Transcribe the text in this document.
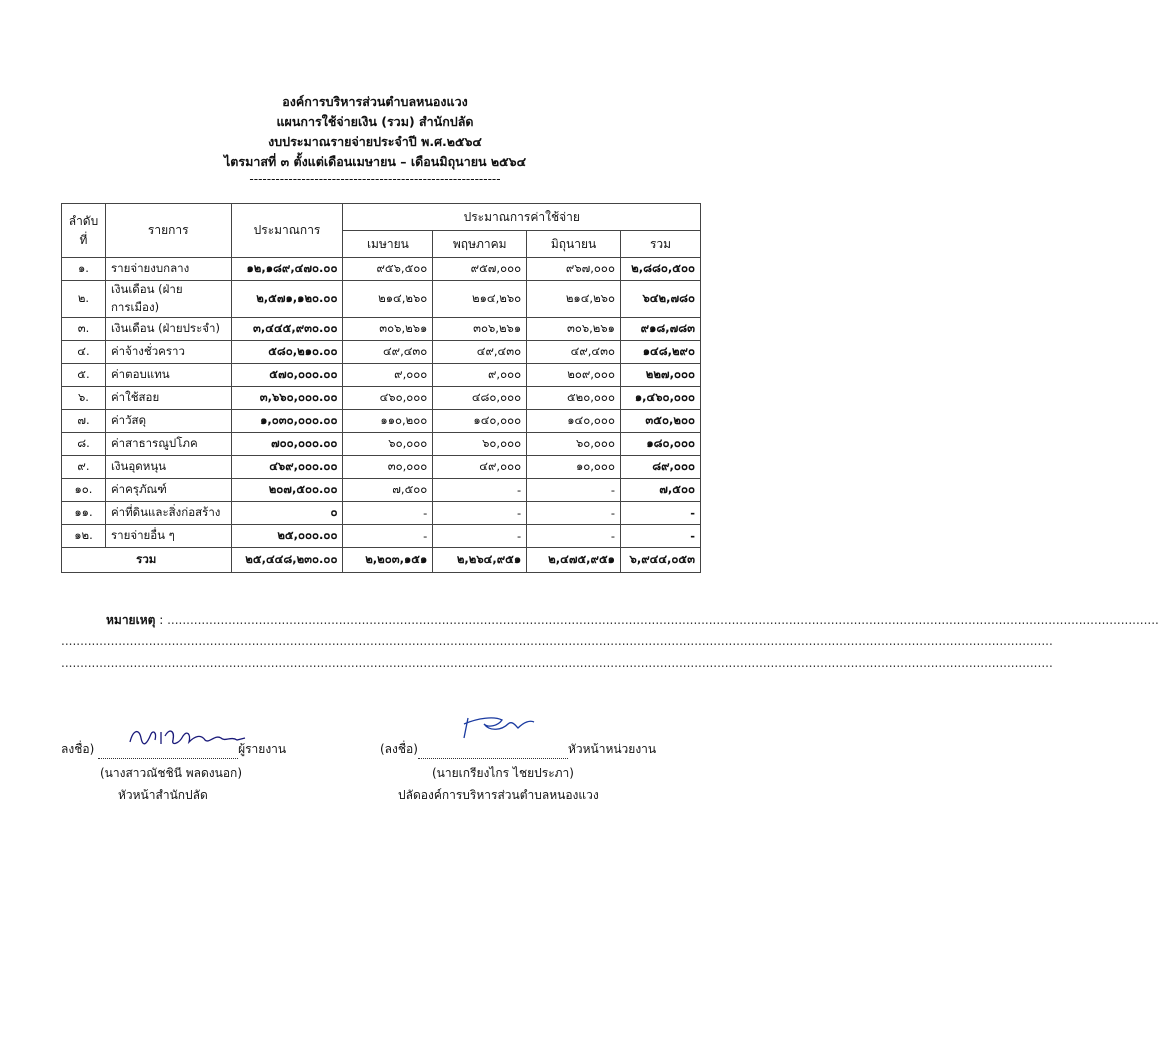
องค์การบริหารส่วนตำบลหนองแวง
แผนการใช้จ่ายเงิน (รวม) สำนักปลัด
งบประมาณรายจ่ายประจำปี พ.ศ.๒๕๖๔
ไตรมาสที่ ๓ ตั้งแต่เดือนเมษายน – เดือนมิถุนายน ๒๕๖๔
----------------------------------------------------------
ลำดับที่	รายการ	ประมาณการ	ประมาณการค่าใช้จ่าย			
			เมษายน	พฤษภาคม	มิถุนายน	รวม
๑.	รายจ่ายงบกลาง	๑๒,๑๘๙,๔๗๐.๐๐	๙๕๖,๕๐๐	๙๕๗,๐๐๐	๙๖๗,๐๐๐	๒,๘๘๐,๕๐๐
๒.	เงินเดือน (ฝ่ายการเมือง)	๒,๕๗๑,๑๒๐.๐๐	๒๑๔,๒๖๐	๒๑๔,๒๖๐	๒๑๔,๒๖๐	๖๔๒,๗๘๐
๓.	เงินเดือน (ฝ่ายประจำ)	๓,๔๔๕,๙๓๐.๐๐	๓๐๖,๒๖๑	๓๐๖,๒๖๑	๓๐๖,๒๖๑	๙๑๘,๗๘๓
๔.	ค่าจ้างชั่วคราว	๕๘๐,๒๑๐.๐๐	๔๙,๔๓๐	๔๙,๔๓๐	๔๙,๔๓๐	๑๔๘,๒๙๐
๕.	ค่าตอบแทน	๕๗๐,๐๐๐.๐๐	๙,๐๐๐	๙,๐๐๐	๒๐๙,๐๐๐	๒๒๗,๐๐๐
๖.	ค่าใช้สอย	๓,๖๖๐,๐๐๐.๐๐	๔๖๐,๐๐๐	๔๘๐,๐๐๐	๕๒๐,๐๐๐	๑,๔๖๐,๐๐๐
๗.	ค่าวัสดุ	๑,๐๓๐,๐๐๐.๐๐	๑๑๐,๒๐๐	๑๔๐,๐๐๐	๑๔๐,๐๐๐	๓๕๐,๒๐๐
๘.	ค่าสาธารณูปโภค	๗๐๐,๐๐๐.๐๐	๖๐,๐๐๐	๖๐,๐๐๐	๖๐,๐๐๐	๑๘๐,๐๐๐
๙.	เงินอุดหนุน	๔๖๙,๐๐๐.๐๐	๓๐,๐๐๐	๔๙,๐๐๐	๑๐,๐๐๐	๘๙,๐๐๐
๑๐.	ค่าครุภัณฑ์	๒๐๗,๕๐๐.๐๐	๗,๕๐๐	-	-	๗,๕๐๐
๑๑.	ค่าที่ดินและสิ่งก่อสร้าง	๐	-	-	-	-
๑๒.	รายจ่ายอื่น ๆ	๒๕,๐๐๐.๐๐	-	-	-	-
รวม		๒๕,๔๔๘,๒๓๐.๐๐	๒,๒๐๓,๑๕๑	๒,๒๖๔,๙๕๑	๒,๔๗๕,๙๕๑	๖,๙๔๔,๐๕๓
หมายเหตุ : ....................................................................................................................................................................................................................................................................
....................................................................................................................................................................................................................................................................
....................................................................................................................................................................................................................................................................
ลงชื่อ)	ผู้รายงาน
(นางสาวณัชชินี พลดงนอก)
หัวหน้าสำนักปลัด
(ลงชื่อ)	หัวหน้าหน่วยงาน
(นายเกรียงไกร ไชยประภา)
ปลัดองค์การบริหารส่วนตำบลหนองแวง
